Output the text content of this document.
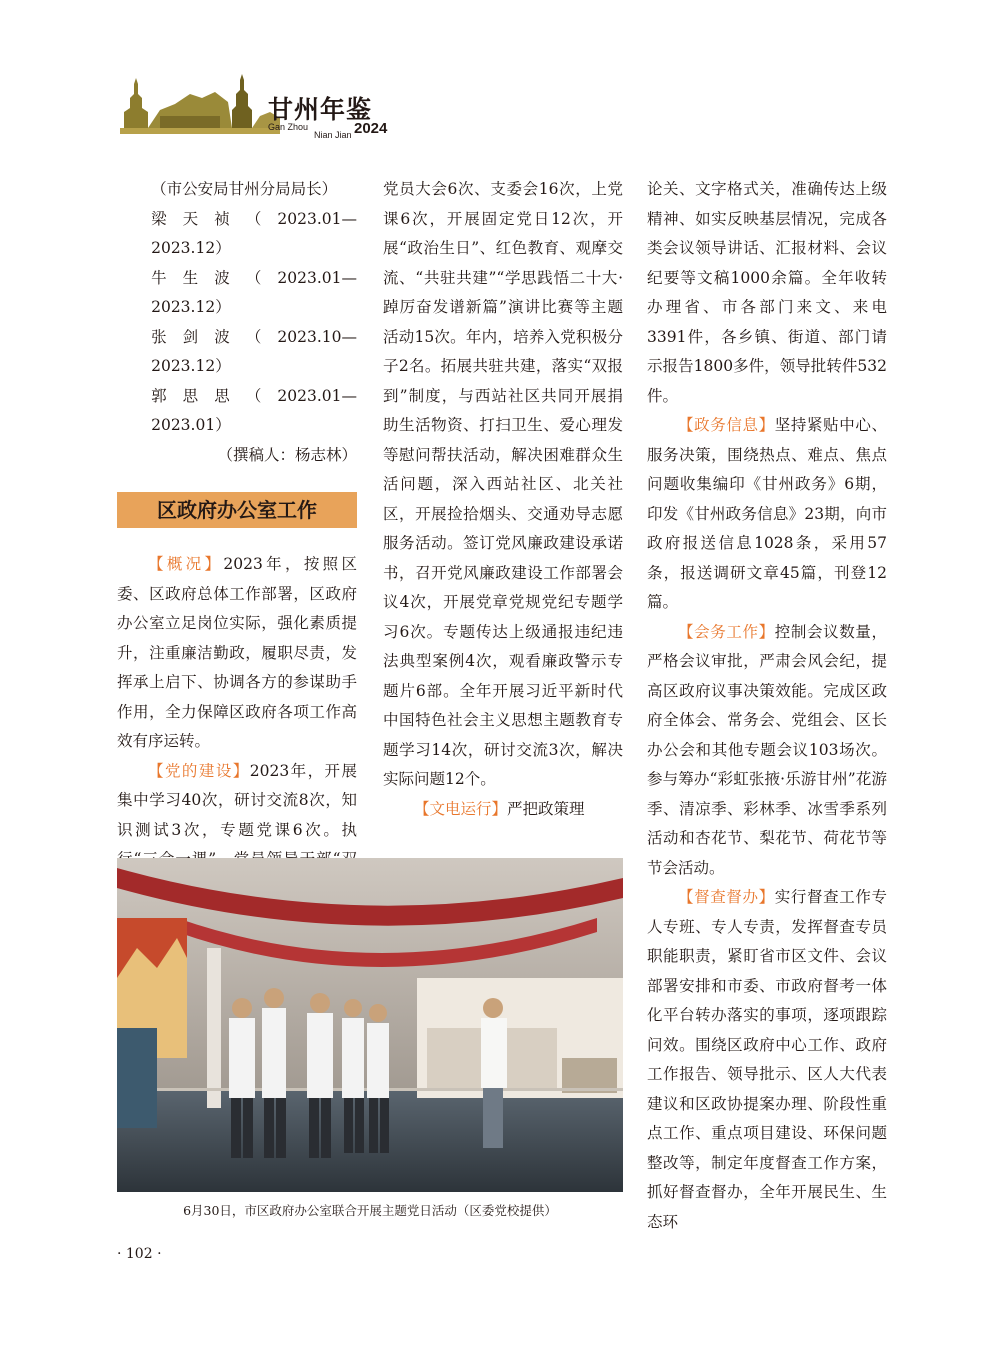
甘州年鉴
Gan Zhou
Nian Jian 2024

（市公安局甘州分局局长）

梁天祯（2023.01—2023.12）

牛生波（2023.01—2023.12）

张剑波（2023.10—2023.12）

郭思思（2023.01—2023.01）

（撰稿人：杨志林）

区政府办公室工作

【概况】2023年，按照区委、区政府总体工作部署，区政府办公室立足岗位实际，强化素质提升，注重廉洁勤政，履职尽责，发挥承上启下、协调各方的参谋助手作用，全力保障区政府各项工作高效有序运转。

【党的建设】2023年，开展集中学习40次，研讨交流8次，知识测试3次，专题党课6次。执

党员大会6次、支委会16次，上党课6次，开展固定党日12次，开展“政治生日”、红色教育、观摩交流、“共驻共建”“学思践悟二十大·踔厉奋发谱新篇”演讲比赛等主题活动15次。年内，培养入党积极分子2名。拓展共驻共建，落实“双报到”制度，与西站社区共同开展捐助生活物资、打扫卫生、爱心理发等慰问帮扶活动，解决困难群众生活问题，深入西站社区、北关社区，开展捡拾烟头、交通劝导志愿服务活动。签订党风廉政建设承诺书，召开党风廉政建设工作部署会议4次，开展党章党规党纪专题学习6次。专题传达上级通报违纪违法典型案例4次，观看廉政警示专题片6部。全年开展习近平新时代中国特色社会主义思想主题教育专题学习14次，研讨交流3次，解决实际问题12个。

【文电运行】严把政策理

论关、文字格式关，准确传达上级精神、如实反映基层情况，完成各类会议领导讲话、汇报材料、会议纪要等文稿1000余篇。全年收转办理省、市各部门来文、来电3391件，各乡镇、街道、部门请示报告1800多件，领导批转件532件。

【政务信息】坚持紧贴中心、服务决策，围绕热点、难点、焦点问题收集编印《甘州政务》6期，印发《甘州政务信息》23期，向市政府报送信息1028条，采用57条，报送调研文章45篇，刊登12篇。

【会务工作】控制会议数量，严格会议审批，严肃会风会纪，提高区政府议事决策效能。完成区政府全体会、常务会、党组会、区长办公会和其他专题会议103场次。参与筹办“彩虹张掖·乐游甘州”花游季、清凉季、彩林季、冰雪季系列活动和杏花节、梨花节、荷花节等节会活动。

【督查督办】实行督查工作专人专班、专人专责，发挥督查专员职能职责，紧盯省市区文件、会议部署安排和市委、市政府督考一体化平台转办落实的事项，逐项跟踪问效。围绕区政府中心工作、政府工作报告、领导批示、区人大代表建议和区政协提案办理、阶段性重点工作、重点项目建设、环保问题整改等，制定年度督查工作方案，抓好督查督办，全年开展民生、生态环

6月30日，市区政府办公室联合开展主题党日活动（区委党校提供）
· 102 ·
